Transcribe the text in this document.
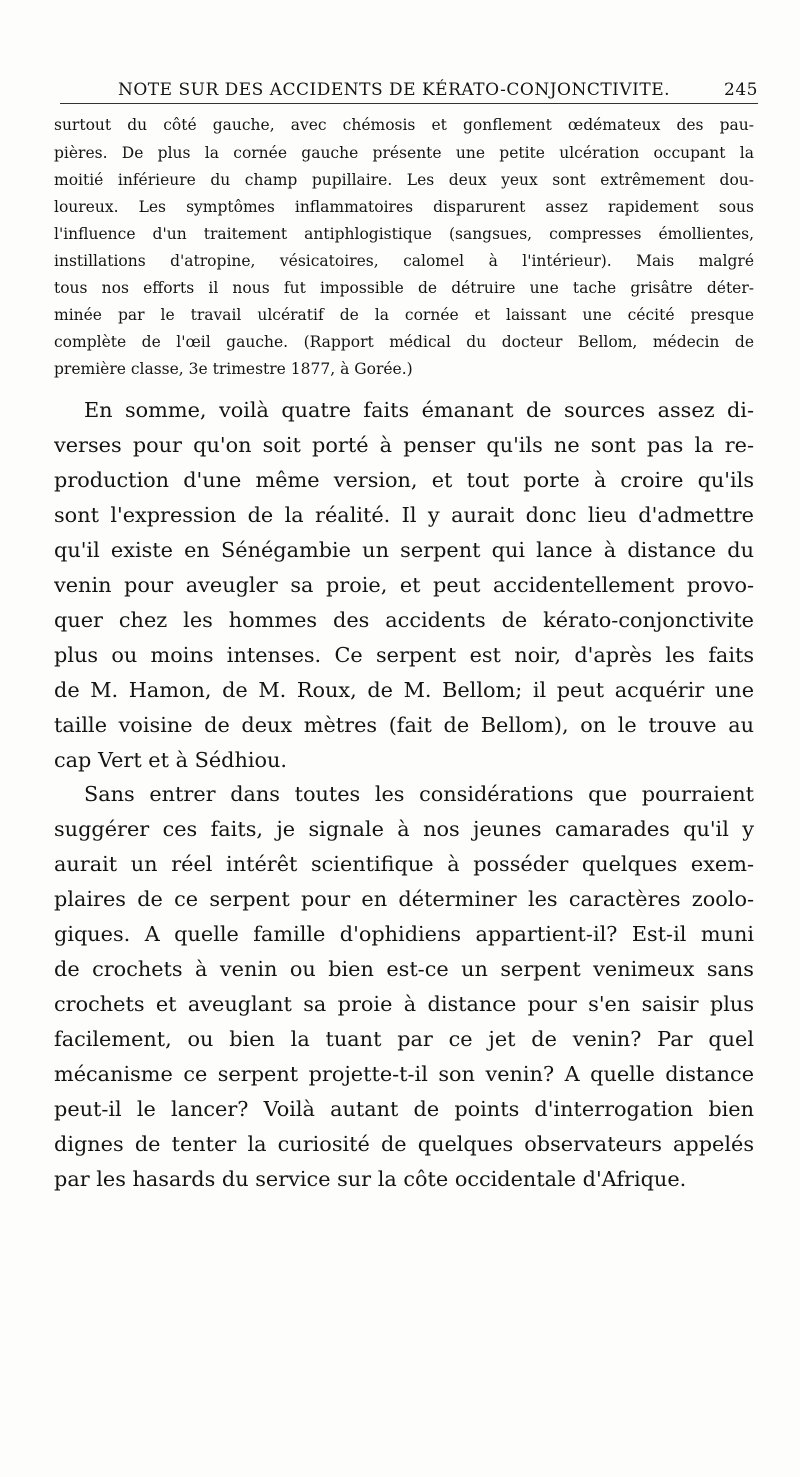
NOTE SUR DES ACCIDENTS DE KÉRATO-CONJONCTIVITE.	245
surtout du côté gauche, avec chémosis et gonflement œdémateux des pau-
pières. De plus la cornée gauche présente une petite ulcération occupant la
moitié inférieure du champ pupillaire. Les deux yeux sont extrêmement dou-
loureux. Les symptômes inflammatoires disparurent assez rapidement sous
l'influence d'un traitement antiphlogistique (sangsues, compresses émollientes,
instillations d'atropine, vésicatoires, calomel à l'intérieur). Mais malgré
tous nos efforts il nous fut impossible de détruire une tache grisâtre déter-
minée par le travail ulcératif de la cornée et laissant une cécité presque
complète de l'œil gauche. (Rapport médical du docteur Bellom, médecin de
première classe, 3e trimestre 1877, à Gorée.)
En somme, voilà quatre faits émanant de sources assez di-
verses pour qu'on soit porté à penser qu'ils ne sont pas la re-
production d'une même version, et tout porte à croire qu'ils
sont l'expression de la réalité. Il y aurait donc lieu d'admettre
qu'il existe en Sénégambie un serpent qui lance à distance du
venin pour aveugler sa proie, et peut accidentellement provo-
quer chez les hommes des accidents de kérato-conjonctivite
plus ou moins intenses. Ce serpent est noir, d'après les faits
de M. Hamon, de M. Roux, de M. Bellom; il peut acquérir une
taille voisine de deux mètres (fait de Bellom), on le trouve au
cap Vert et à Sédhiou.
Sans entrer dans toutes les considérations que pourraient
suggérer ces faits, je signale à nos jeunes camarades qu'il y
aurait un réel intérêt scientifique à posséder quelques exem-
plaires de ce serpent pour en déterminer les caractères zoolo-
giques. A quelle famille d'ophidiens appartient-il? Est-il muni
de crochets à venin ou bien est-ce un serpent venimeux sans
crochets et aveuglant sa proie à distance pour s'en saisir plus
facilement, ou bien la tuant par ce jet de venin? Par quel
mécanisme ce serpent projette-t-il son venin? A quelle distance
peut-il le lancer? Voilà autant de points d'interrogation bien
dignes de tenter la curiosité de quelques observateurs appelés
par les hasards du service sur la côte occidentale d'Afrique.
